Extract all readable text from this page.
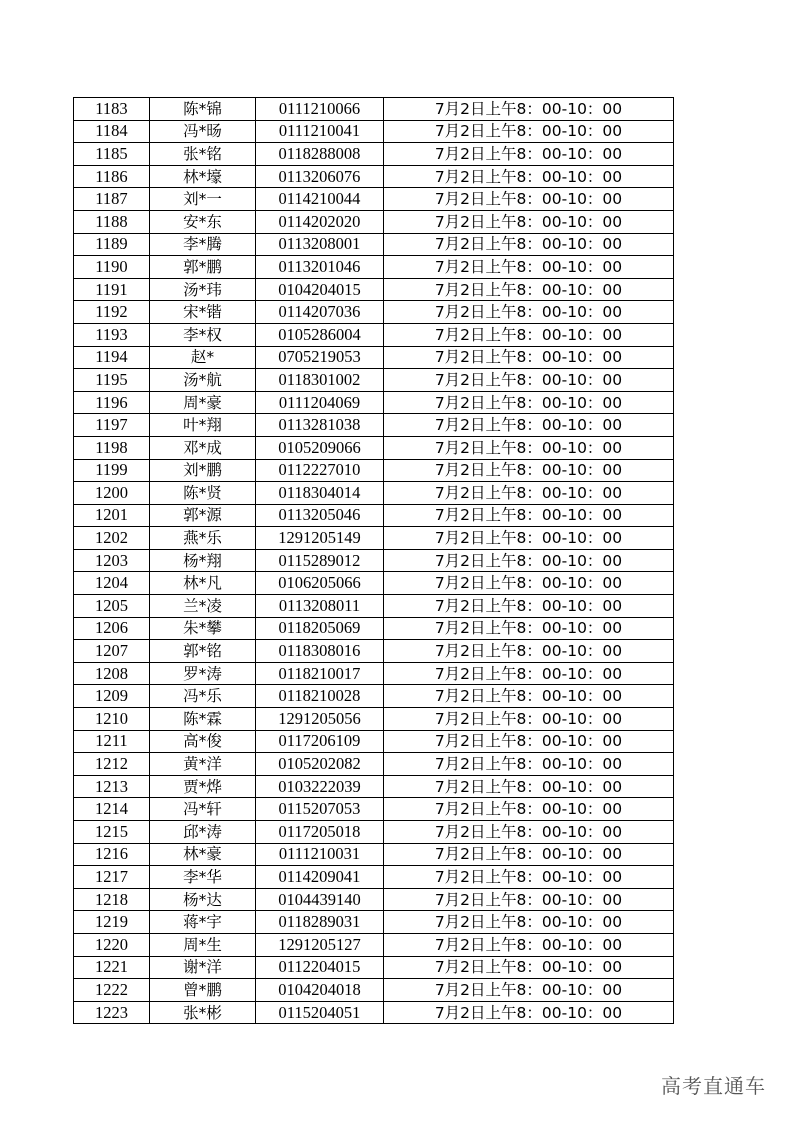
1183	陈*锦	0111210066	7月2日上午8：00-10：00
1184	冯*旸	0111210041	7月2日上午8：00-10：00
1185	张*铭	0118288008	7月2日上午8：00-10：00
1186	林*壕	0113206076	7月2日上午8：00-10：00
1187	刘*一	0114210044	7月2日上午8：00-10：00
1188	安*东	0114202020	7月2日上午8：00-10：00
1189	李*腾	0113208001	7月2日上午8：00-10：00
1190	郭*鹏	0113201046	7月2日上午8：00-10：00
1191	汤*玮	0104204015	7月2日上午8：00-10：00
1192	宋*锴	0114207036	7月2日上午8：00-10：00
1193	李*权	0105286004	7月2日上午8：00-10：00
1194	赵*	0705219053	7月2日上午8：00-10：00
1195	汤*航	0118301002	7月2日上午8：00-10：00
1196	周*豪	0111204069	7月2日上午8：00-10：00
1197	叶*翔	0113281038	7月2日上午8：00-10：00
1198	邓*成	0105209066	7月2日上午8：00-10：00
1199	刘*鹏	0112227010	7月2日上午8：00-10：00
1200	陈*贤	0118304014	7月2日上午8：00-10：00
1201	郭*源	0113205046	7月2日上午8：00-10：00
1202	燕*乐	1291205149	7月2日上午8：00-10：00
1203	杨*翔	0115289012	7月2日上午8：00-10：00
1204	林*凡	0106205066	7月2日上午8：00-10：00
1205	兰*凌	0113208011	7月2日上午8：00-10：00
1206	朱*攀	0118205069	7月2日上午8：00-10：00
1207	郭*铭	0118308016	7月2日上午8：00-10：00
1208	罗*涛	0118210017	7月2日上午8：00-10：00
1209	冯*乐	0118210028	7月2日上午8：00-10：00
1210	陈*霖	1291205056	7月2日上午8：00-10：00
1211	高*俊	0117206109	7月2日上午8：00-10：00
1212	黄*洋	0105202082	7月2日上午8：00-10：00
1213	贾*烨	0103222039	7月2日上午8：00-10：00
1214	冯*轩	0115207053	7月2日上午8：00-10：00
1215	邱*涛	0117205018	7月2日上午8：00-10：00
1216	林*豪	0111210031	7月2日上午8：00-10：00
1217	李*华	0114209041	7月2日上午8：00-10：00
1218	杨*达	0104439140	7月2日上午8：00-10：00
1219	蒋*宇	0118289031	7月2日上午8：00-10：00
1220	周*生	1291205127	7月2日上午8：00-10：00
1221	谢*洋	0112204015	7月2日上午8：00-10：00
1222	曾*鹏	0104204018	7月2日上午8：00-10：00
1223	张*彬	0115204051	7月2日上午8：00-10：00
高考直通车
